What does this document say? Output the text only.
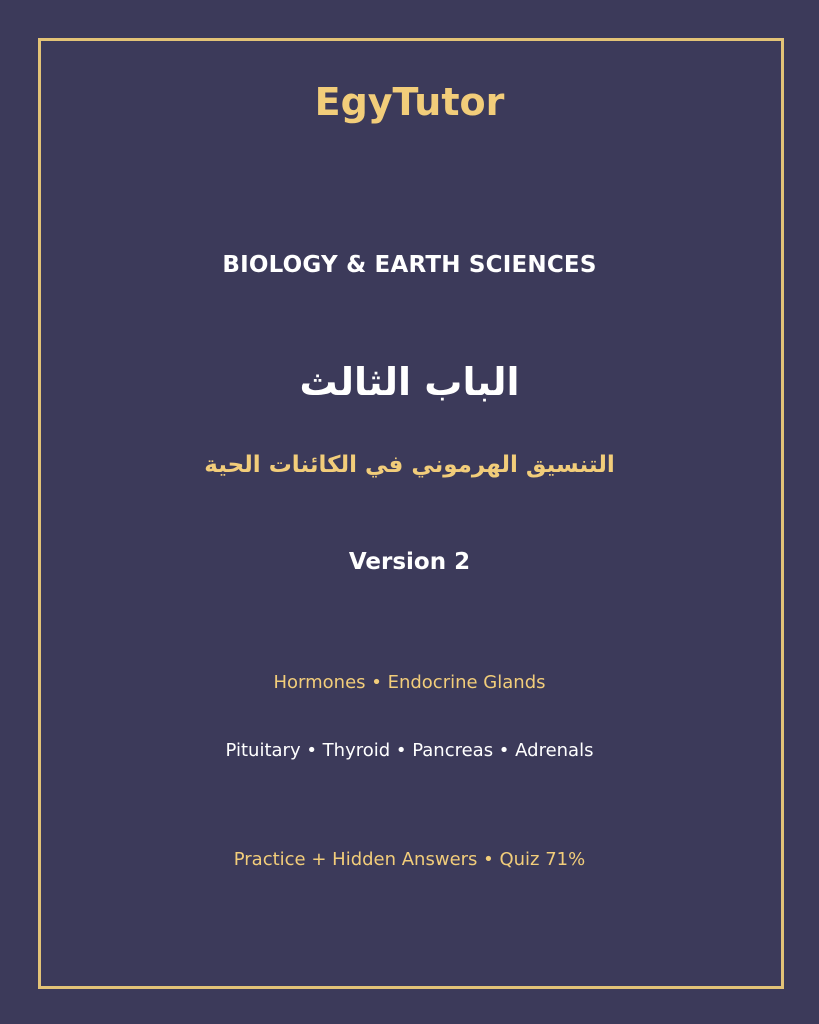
EgyTutor
BIOLOGY & EARTH SCIENCES
الباب الثالث
التنسيق الهرموني في الكائنات الحية
Version 2
Hormones • Endocrine Glands
Pituitary • Thyroid • Pancreas • Adrenals
Practice + Hidden Answers • Quiz 71%
